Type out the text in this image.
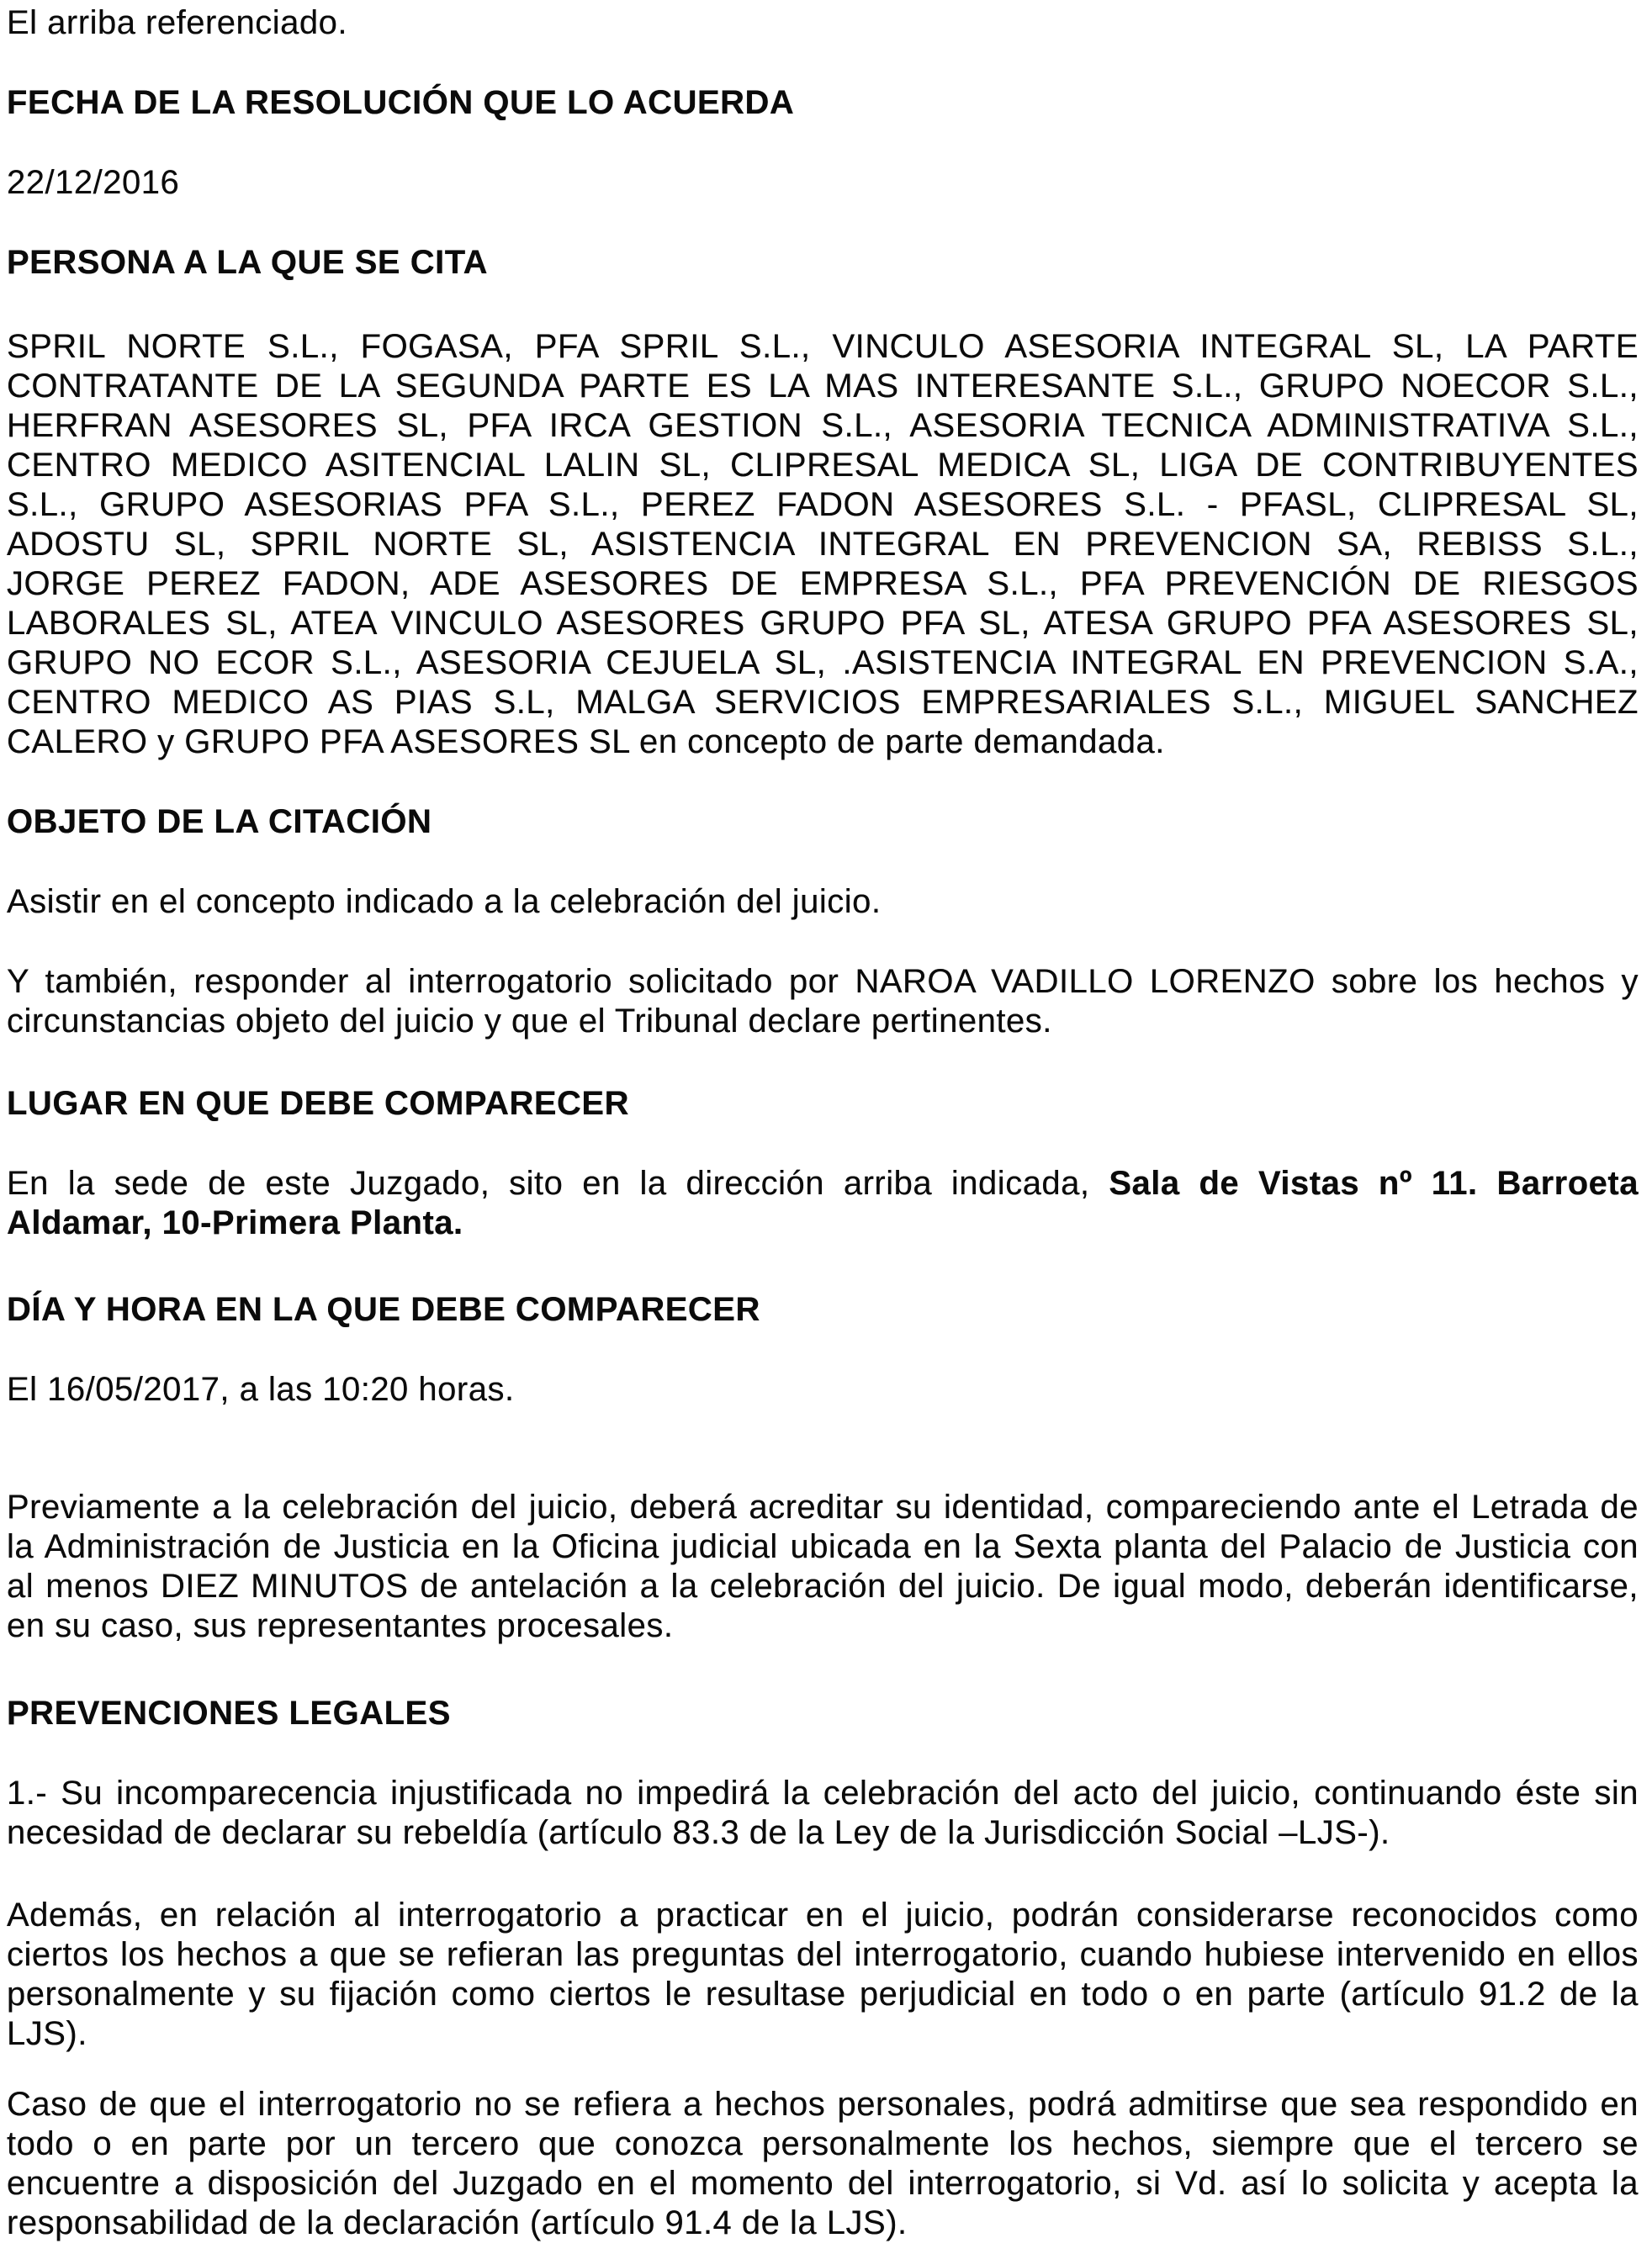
El arriba referenciado.
FECHA DE LA RESOLUCIÓN QUE LO ACUERDA
22/12/2016
PERSONA A LA QUE SE CITA
SPRIL NORTE S.L., FOGASA, PFA SPRIL S.L., VINCULO ASESORIA INTEGRAL SL, LA PARTE
CONTRATANTE DE LA SEGUNDA PARTE ES LA MAS INTERESANTE S.L., GRUPO NOECOR S.L.,
HERFRAN ASESORES SL, PFA IRCA GESTION S.L., ASESORIA TECNICA ADMINISTRATIVA S.L.,
CENTRO MEDICO ASITENCIAL LALIN SL, CLIPRESAL MEDICA SL, LIGA DE CONTRIBUYENTES
S.L., GRUPO ASESORIAS PFA S.L., PEREZ FADON ASESORES S.L. - PFASL, CLIPRESAL SL,
ADOSTU SL, SPRIL NORTE SL, ASISTENCIA INTEGRAL EN PREVENCION SA, REBISS S.L.,
JORGE PEREZ FADON, ADE ASESORES DE EMPRESA S.L., PFA PREVENCIÓN DE RIESGOS
LABORALES SL, ATEA VINCULO ASESORES GRUPO PFA SL, ATESA GRUPO PFA ASESORES SL,
GRUPO NO ECOR S.L., ASESORIA CEJUELA SL, .ASISTENCIA INTEGRAL EN PREVENCION S.A.,
CENTRO MEDICO AS PIAS S.L, MALGA SERVICIOS EMPRESARIALES S.L., MIGUEL SANCHEZ
CALERO y GRUPO PFA ASESORES SL en concepto de parte demandada.
OBJETO DE LA CITACIÓN
Asistir en el concepto indicado a la celebración del juicio.
Y también, responder al interrogatorio solicitado por NAROA VADILLO LORENZO sobre los hechos y
circunstancias objeto del juicio y que el Tribunal declare pertinentes.
LUGAR EN QUE DEBE COMPARECER
En la sede de este Juzgado, sito en la dirección arriba indicada, Sala de Vistas nº 11. Barroeta
Aldamar, 10-Primera Planta.
DÍA Y HORA EN LA QUE DEBE COMPARECER
El 16/05/2017, a las 10:20 horas.
Previamente a la celebración del juicio, deberá acreditar su identidad, compareciendo ante el Letrada de
la Administración de Justicia en la Oficina judicial ubicada en la Sexta planta del Palacio de Justicia con
al menos DIEZ MINUTOS de antelación a la celebración del juicio. De igual modo, deberán identificarse,
en su caso, sus representantes procesales.
PREVENCIONES LEGALES
1.- Su incomparecencia injustificada no impedirá la celebración del acto del juicio, continuando éste sin
necesidad de declarar su rebeldía (artículo 83.3 de la Ley de la Jurisdicción Social –LJS-).
Además, en relación al interrogatorio a practicar en el juicio, podrán considerarse reconocidos como
ciertos los hechos a que se refieran las preguntas del interrogatorio, cuando hubiese intervenido en ellos
personalmente y su fijación como ciertos le resultase perjudicial en todo o en parte (artículo 91.2 de la
LJS).
Caso de que el interrogatorio no se refiera a hechos personales, podrá admitirse que sea respondido en
todo o en parte por un tercero que conozca personalmente los hechos, siempre que el tercero se
encuentre a disposición del Juzgado en el momento del interrogatorio, si Vd. así lo solicita y acepta la
responsabilidad de la declaración (artículo 91.4 de la LJS).
